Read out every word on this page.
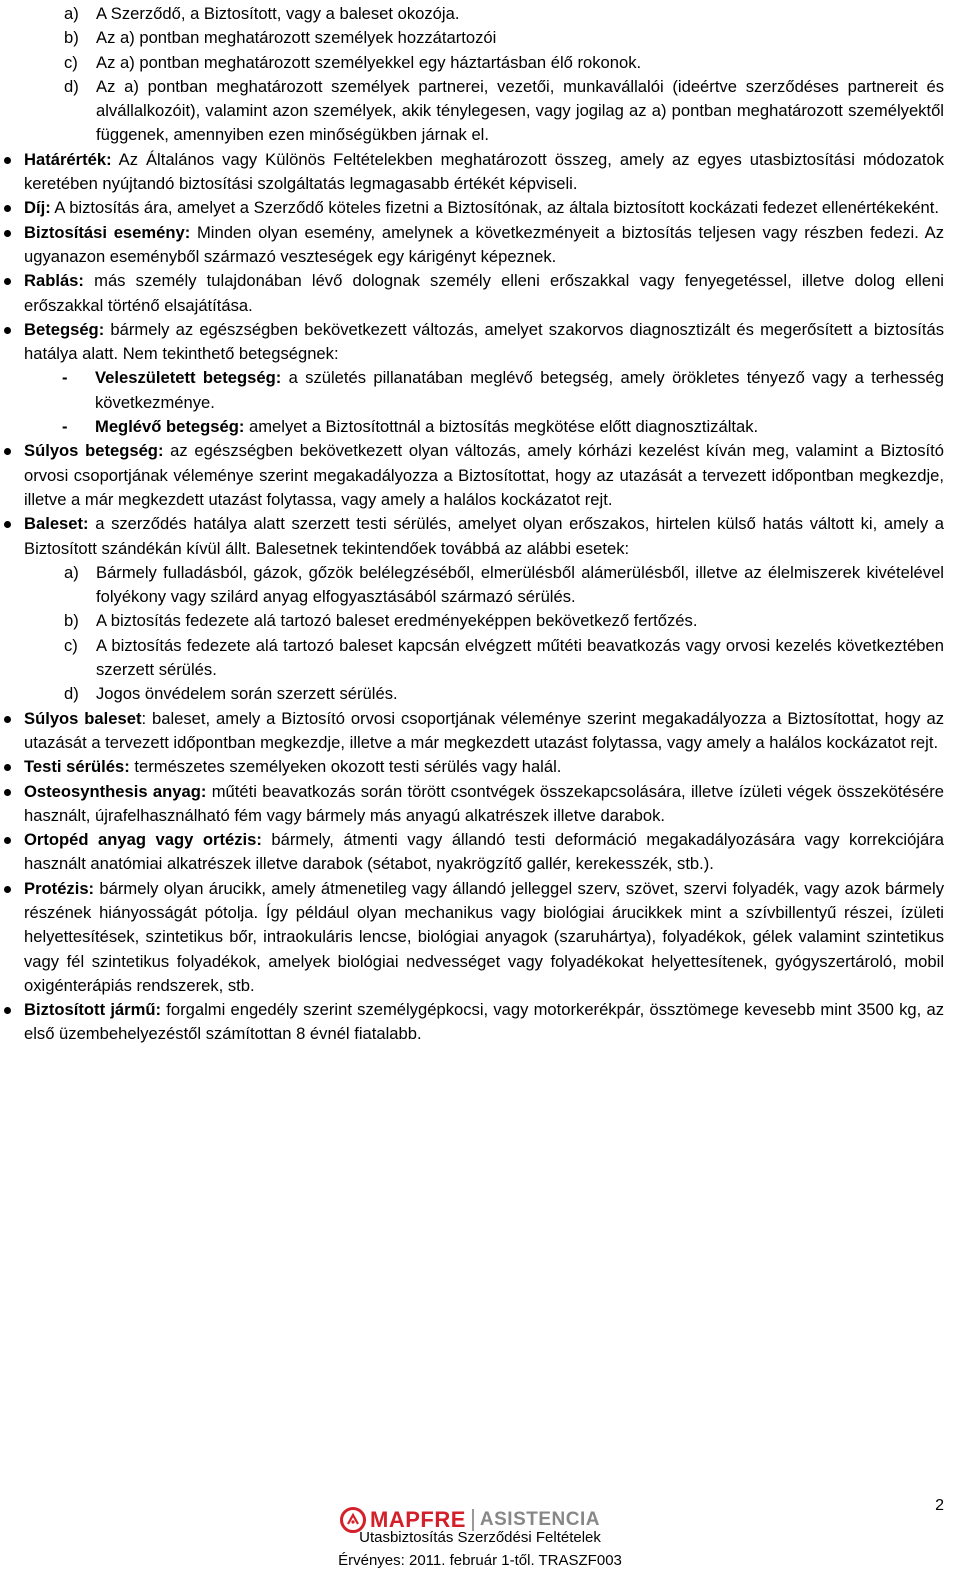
a)	A Szerződő, a Biztosított, vagy a baleset okozója.
b)	Az a) pontban meghatározott személyek hozzátartozói
c)	Az a) pontban meghatározott személyekkel egy háztartásban élő rokonok.
d)	Az a) pontban meghatározott személyek partnerei, vezetői, munkavállalói (ideértve szerződéses partnereit és alvállalkozóit), valamint azon személyek, akik ténylegesen, vagy jogilag az a) pontban meghatározott személyektől függenek, amennyiben ezen minőségükben járnak el.
Határérték: Az Általános vagy Különös Feltételekben meghatározott összeg, amely az egyes utasbiztosítási módozatok keretében nyújtandó biztosítási szolgáltatás legmagasabb értékét képviseli.
Díj: A biztosítás ára, amelyet a Szerződő köteles fizetni a Biztosítónak, az általa biztosított kockázati fedezet ellenértékeként.
Biztosítási esemény: Minden olyan esemény, amelynek a következményeit a biztosítás teljesen vagy részben fedezi. Az ugyanazon eseményből származó veszteségek egy kárigényt képeznek.
Rablás: más személy tulajdonában lévő dolognak személy elleni erőszakkal vagy fenyegetéssel, illetve dolog elleni erőszakkal történő elsajátítása.
Betegség: bármely az egészségben bekövetkezett változás, amelyet szakorvos diagnosztizált és megerősített a biztosítás hatálya alatt. Nem tekinthető betegségnek:
-	Veleszületett betegség: a születés pillanatában meglévő betegség, amely örökletes tényező vagy a terhesség következménye.
-	Meglévő betegség: amelyet a Biztosítottnál a biztosítás megkötése előtt diagnosztizáltak.
Súlyos betegség: az egészségben bekövetkezett olyan változás, amely kórházi kezelést kíván meg, valamint a Biztosító orvosi csoportjának véleménye szerint megakadályozza a Biztosítottat, hogy az utazását a tervezett időpontban megkezdje, illetve a már megkezdett utazást folytassa, vagy amely a halálos kockázatot rejt.
Baleset: a szerződés hatálya alatt szerzett testi sérülés, amelyet olyan erőszakos, hirtelen külső hatás váltott ki, amely a Biztosított szándékán kívül állt. Balesetnek tekintendőek továbbá az alábbi esetek:
a)	Bármely fulladásból, gázok, gőzök belélegzéséből, elmerülésből alámerülésből, illetve az élelmiszerek kivételével folyékony vagy szilárd anyag elfogyasztásából származó sérülés.
b)	A biztosítás fedezete alá tartozó baleset eredményeképpen bekövetkező fertőzés.
c)	A biztosítás fedezete alá tartozó baleset kapcsán elvégzett műtéti beavatkozás vagy orvosi kezelés következtében szerzett sérülés.
d)	Jogos önvédelem során szerzett sérülés.
Súlyos baleset: baleset, amely a Biztosító orvosi csoportjának véleménye szerint megakadályozza a Biztosítottat, hogy az utazását a tervezett időpontban megkezdje, illetve a már megkezdett utazást folytassa, vagy amely a halálos kockázatot rejt.
Testi sérülés: természetes személyeken okozott testi sérülés vagy halál.
Osteosynthesis anyag: műtéti beavatkozás során törött csontvégek összekapcsolására, illetve ízületi végek összekötésére használt, újrafelhasználható fém vagy bármely más anyagú alkatrészek illetve darabok.
Ortopéd anyag vagy ortézis: bármely, átmenti vagy állandó testi deformáció megakadályozására vagy korrekciójára használt anatómiai alkatrészek illetve darabok (sétabot, nyakrögzítő gallér, kerekesszék, stb.).
Protézis: bármely olyan árucikk, amely átmenetileg vagy állandó jelleggel szerv, szövet, szervi folyadék, vagy azok bármely részének hiányosságát pótolja. Így például olyan mechanikus vagy biológiai árucikkek mint a szívbillentyű részei, ízületi helyettesítések, szintetikus bőr, intraokuláris lencse, biológiai anyagok (szaruhártya), folyadékok, gélek valamint szintetikus vagy fél szintetikus folyadékok, amelyek biológiai nedvességet vagy folyadékokat helyettesítenek, gyógyszertároló, mobil oxigénterápiás rendszerek, stb.
Biztosított jármű: forgalmi engedély szerint személygépkocsi, vagy motorkerékpár, össztömege kevesebb mint 3500 kg, az első üzembehelyezéstől számítottan 8 évnél fiatalabb.
2
MAPFRE ASISTENCIA
Utasbiztosítás Szerződési Feltételek
Érvényes: 2011. február 1-től. TRASZF003
